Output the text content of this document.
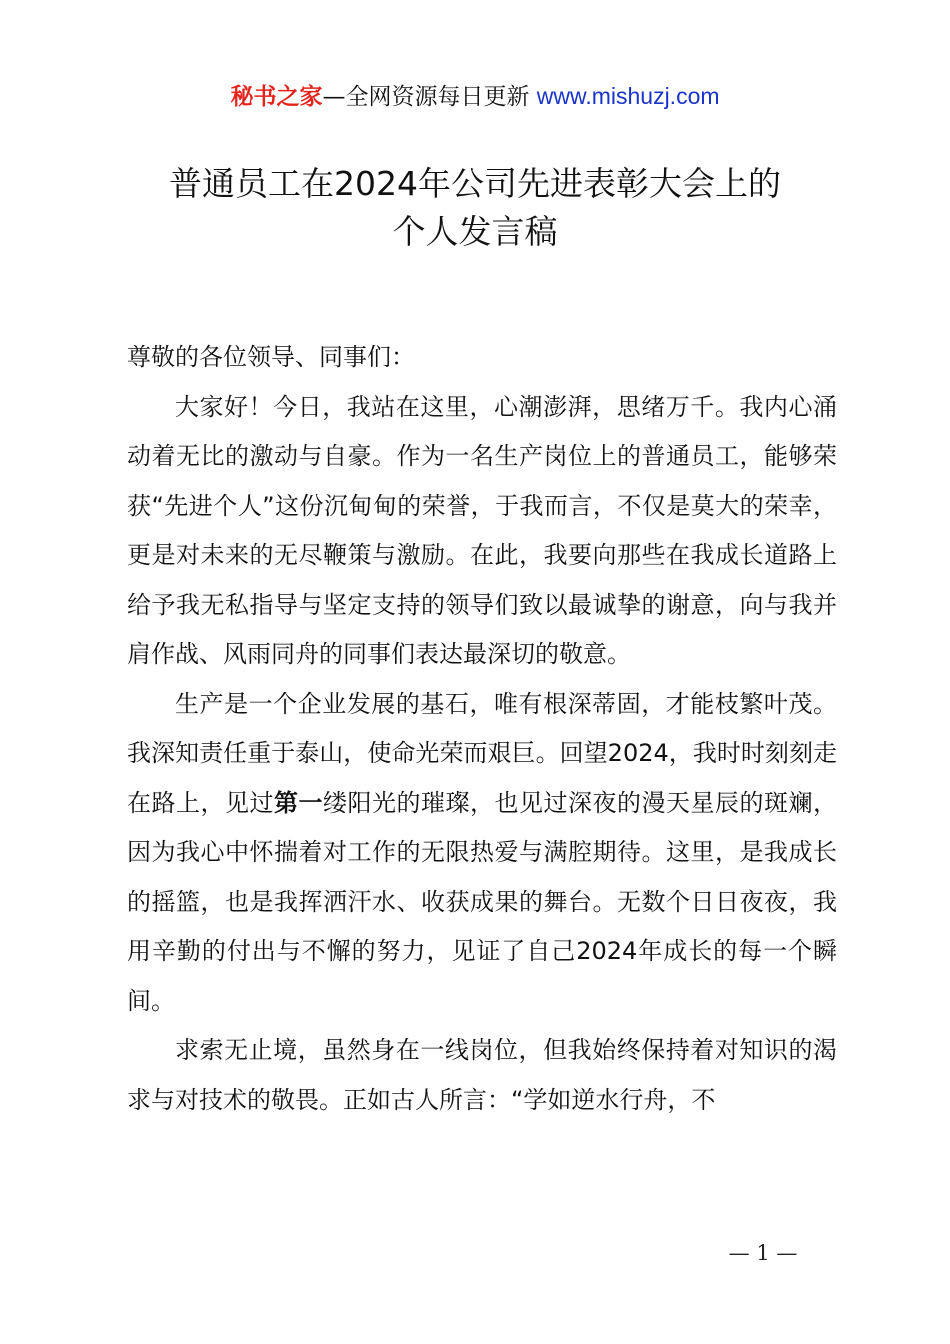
秘书之家—全网资源每日更新 www.mishuzj.com
普通员工在2024年公司先进表彰大会上的
个人发言稿

尊敬的各位领导、同事们：

大家好！今日，我站在这里，心潮澎湃，思绪万千。我内心涌动着无比的激动与自豪。作为一名生产岗位上的普通员工，能够荣获“先进个人”这份沉甸甸的荣誉，于我而言，不仅是莫大的荣幸，更是对未来的无尽鞭策与激励。在此，我要向那些在我成长道路上给予我无私指导与坚定支持的领导们致以最诚挚的谢意，向与我并肩作战、风雨同舟的同事们表达最深切的敬意。

生产是一个企业发展的基石，唯有根深蒂固，才能枝繁叶茂。我深知责任重于泰山，使命光荣而艰巨。回望2024，我时时刻刻走在路上，见过第一缕阳光的璀璨，也见过深夜的漫天星辰的斑斓，因为我心中怀揣着对工作的无限热爱与满腔期待。这里，是我成长的摇篮，也是我挥洒汗水、收获成果的舞台。无数个日日夜夜，我用辛勤的付出与不懈的努力，见证了自己2024年成长的每一个瞬间。

求索无止境，虽然身在一线岗位，但我始终保持着对知识的渴求与对技术的敬畏。正如古人所言：“学如逆水行舟，不

— 1 —
